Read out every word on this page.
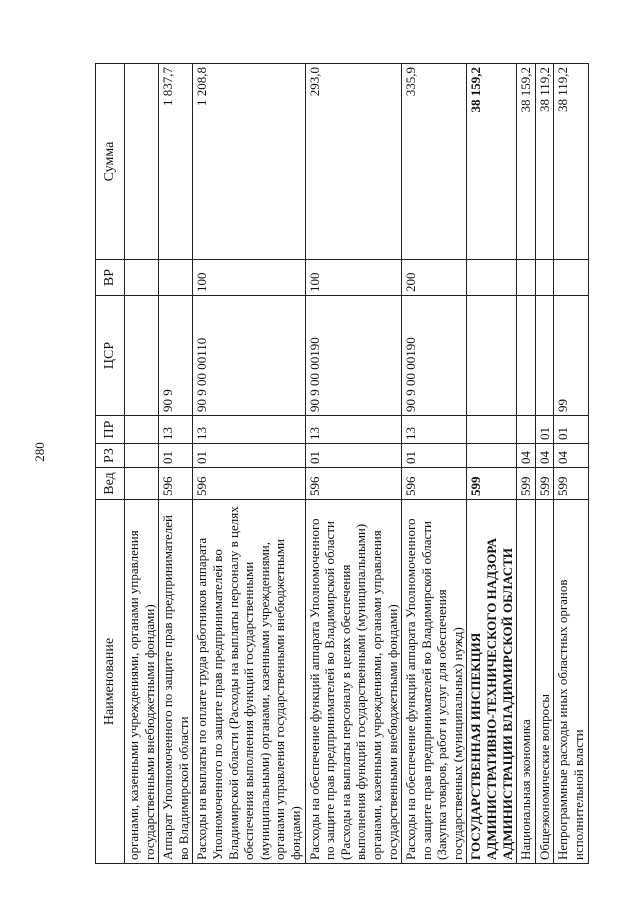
280
Наименование	Вед	РЗ	ПР	ЦСР	ВР	Сумма
органами, казенными учреждениями, органами управления государственными внебюджетными фондами)						
Аппарат Уполномоченного по защите прав предпринимателей во Владимирской области	596	01	13	90 9		1 837,7
Расходы на выплаты по оплате труда работников аппарата Уполномоченного по защите прав предпринимателей во Владимирской области (Расходы на выплаты персоналу в целях обеспечения выполнения функций государственными (муниципальными) органами, казенными учреждениями, органами управления государственными внебюджетными фондами)	596	01	13	90 9 00 00110	100	1 208,8
Расходы на обеспечение функций аппарата Уполномоченного по защите прав предпринимателей во Владимирской области (Расходы на выплаты персоналу в целях обеспечения выполнения функций государственными (муниципальными) органами, казенными учреждениями, органами управления государственными внебюджетными фондами)	596	01	13	90 9 00 00190	100	293,0
Расходы на обеспечение функций аппарата Уполномоченного по защите прав предпринимателей во Владимирской области (Закупка товаров, работ и услуг для обеспечения государственных (муниципальных) нужд)	596	01	13	90 9 00 00190	200	335,9
ГОСУДАРСТВЕННАЯ ИНСПЕКЦИЯ АДМИНИСТРАТИВНО-ТЕХНИЧЕСКОГО НАДЗОРА АДМИНИСТРАЦИИ ВЛАДИМИРСКОЙ ОБЛАСТИ	599					38 159,2
Национальная экономика	599	04				38 159,2
Общеэкономические вопросы	599	04	01			38 119,2
Непрограммные расходы иных областных органов исполнительной власти	599	04	01	99		38 119,2
